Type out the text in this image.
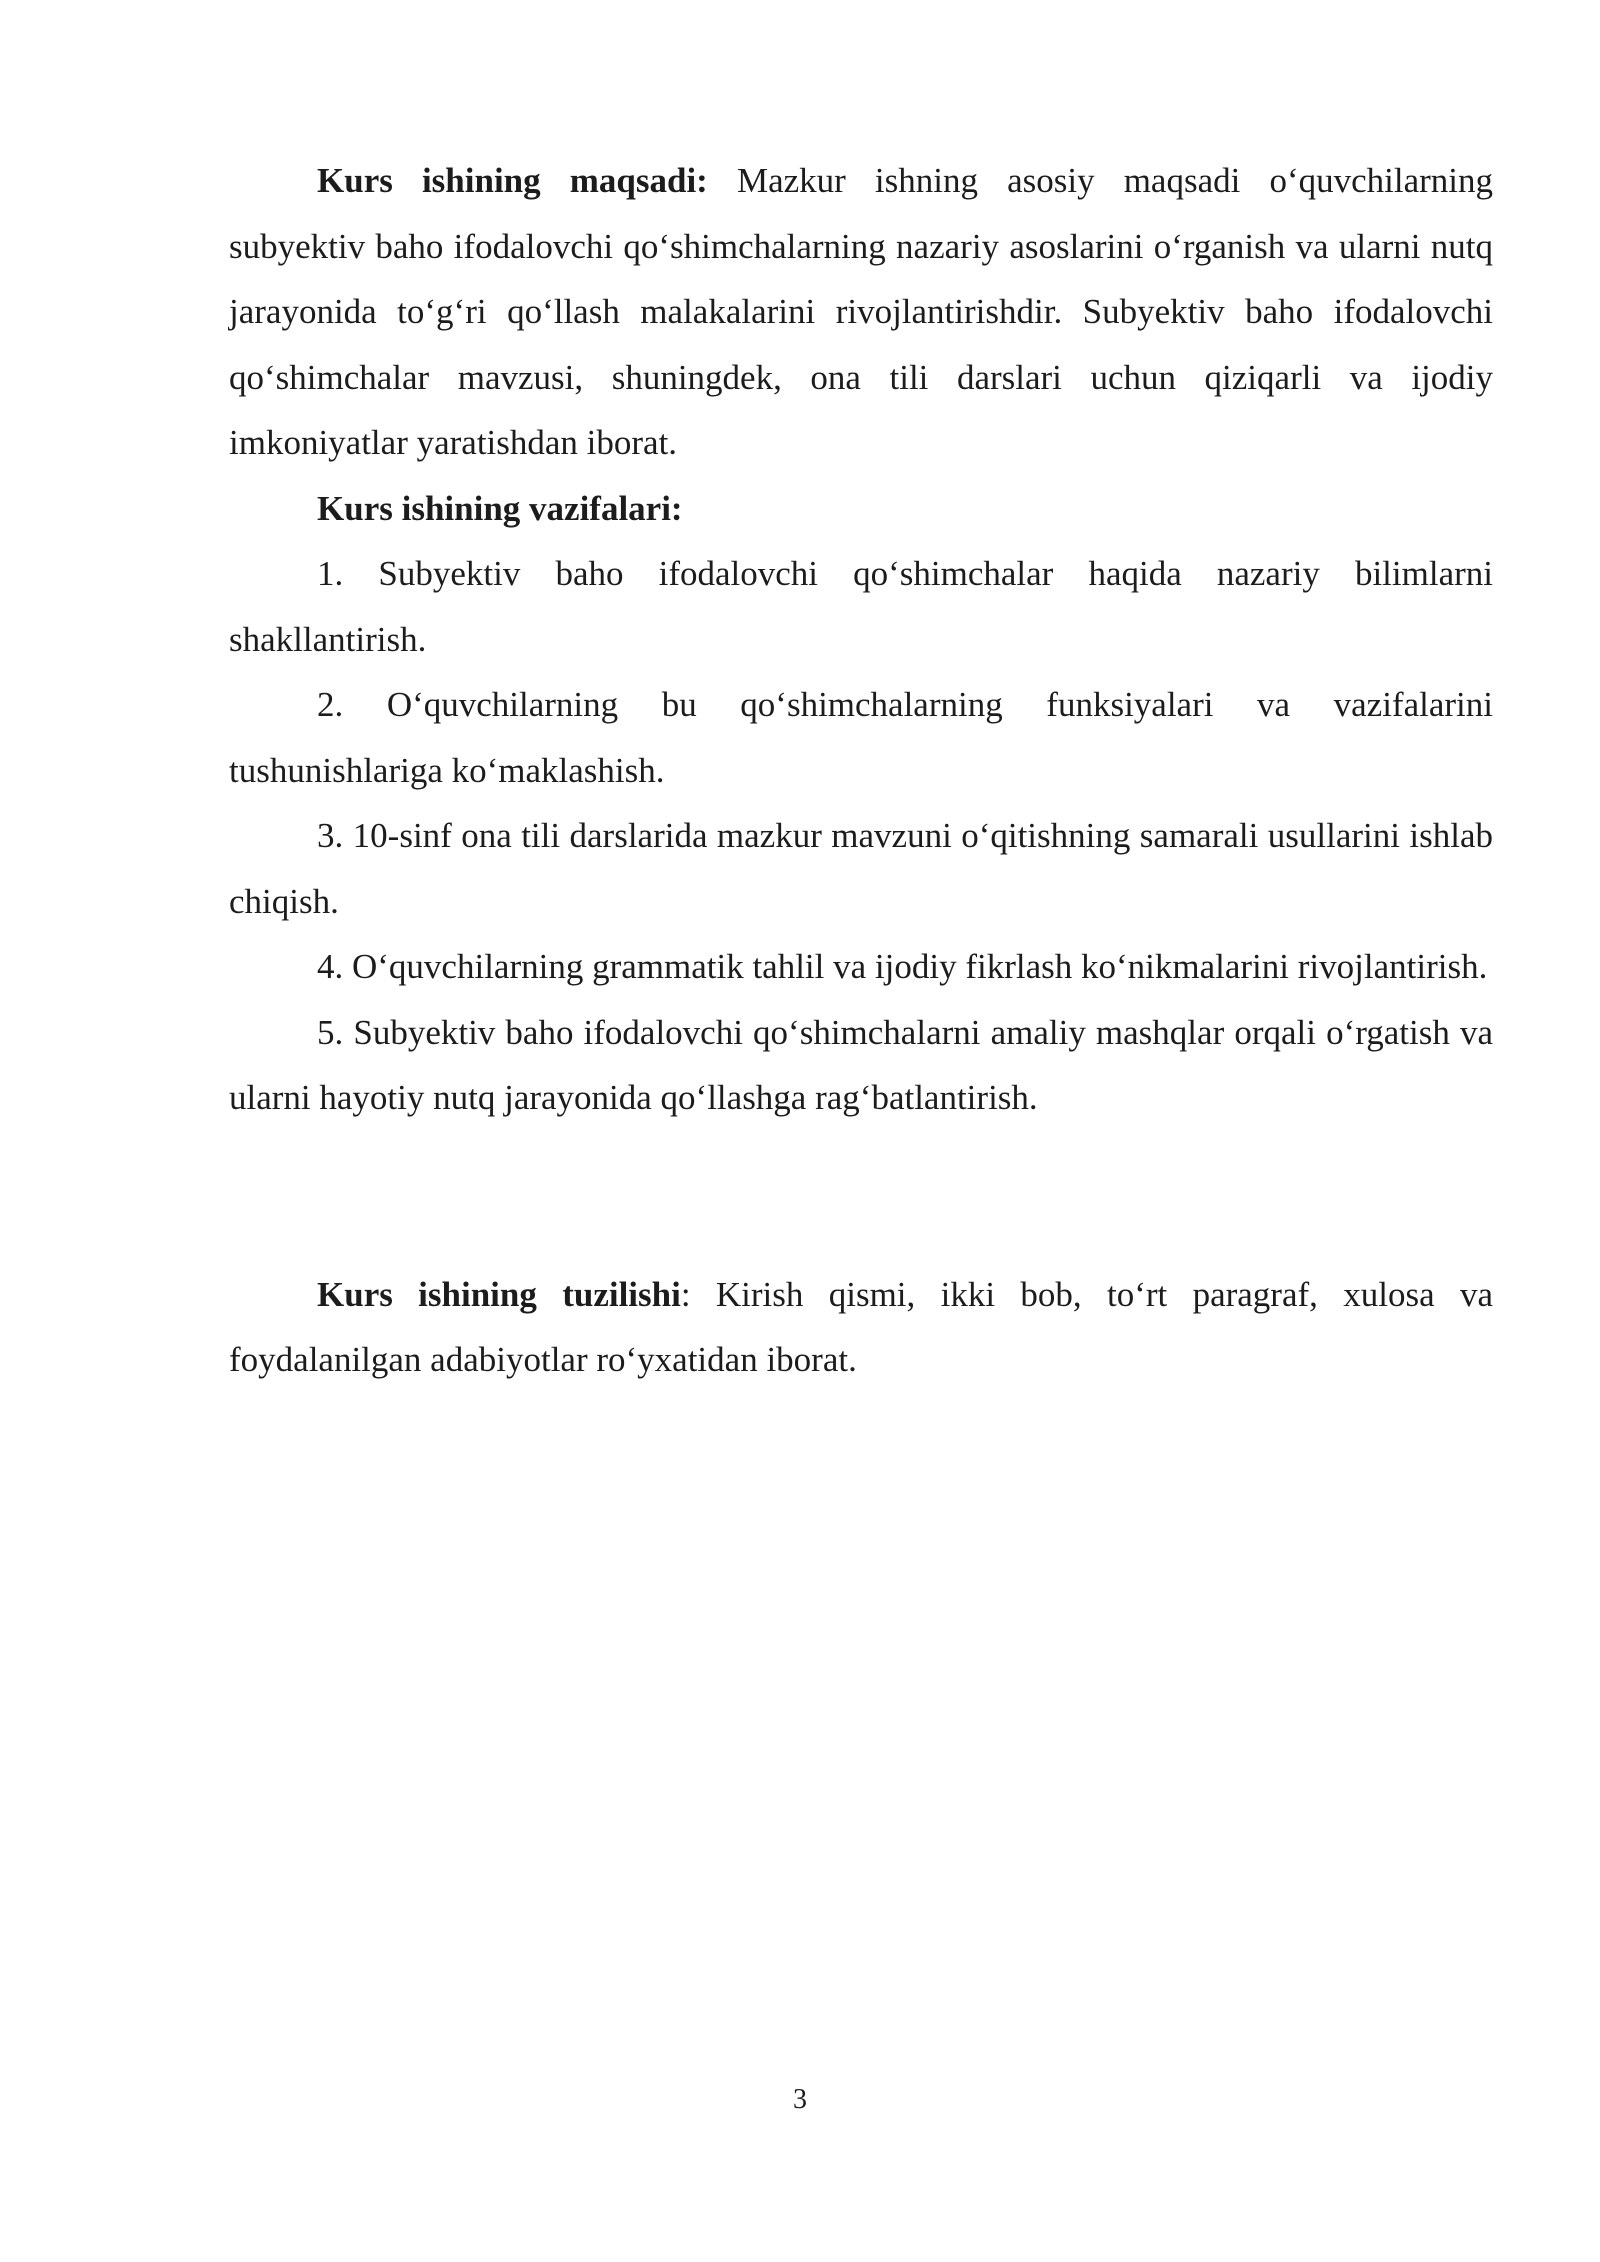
Kurs ishining maqsadi: Mazkur ishning asosiy maqsadi o‘quvchilarning subyektiv baho ifodalovchi qo‘shimchalarning nazariy asoslarini o‘rganish va ularni nutq jarayonida to‘g‘ri qo‘llash malakalarini rivojlantirishdir. Subyektiv baho ifodalovchi qo‘shimchalar mavzusi, shuningdek, ona tili darslari uchun qiziqarli va ijodiy imkoniyatlar yaratishdan iborat.

Kurs ishining vazifalari:

1. Subyektiv baho ifodalovchi qo‘shimchalar haqida nazariy bilimlarni shakllantirish.

2. O‘quvchilarning bu qo‘shimchalarning funksiyalari va vazifalarini tushunishlariga ko‘maklashish.

3. 10-sinf ona tili darslarida mazkur mavzuni o‘qitishning samarali usullarini ishlab chiqish.

4. O‘quvchilarning grammatik tahlil va ijodiy fikrlash ko‘nikmalarini rivojlantirish.

5. Subyektiv baho ifodalovchi qo‘shimchalarni amaliy mashqlar orqali o‘rgatish va ularni hayotiy nutq jarayonida qo‘llashga rag‘batlantirish.

Kurs ishining tuzilishi: Kirish qismi, ikki bob, to‘rt paragraf, xulosa va foydalanilgan adabiyotlar ro‘yxatidan iborat.

3
